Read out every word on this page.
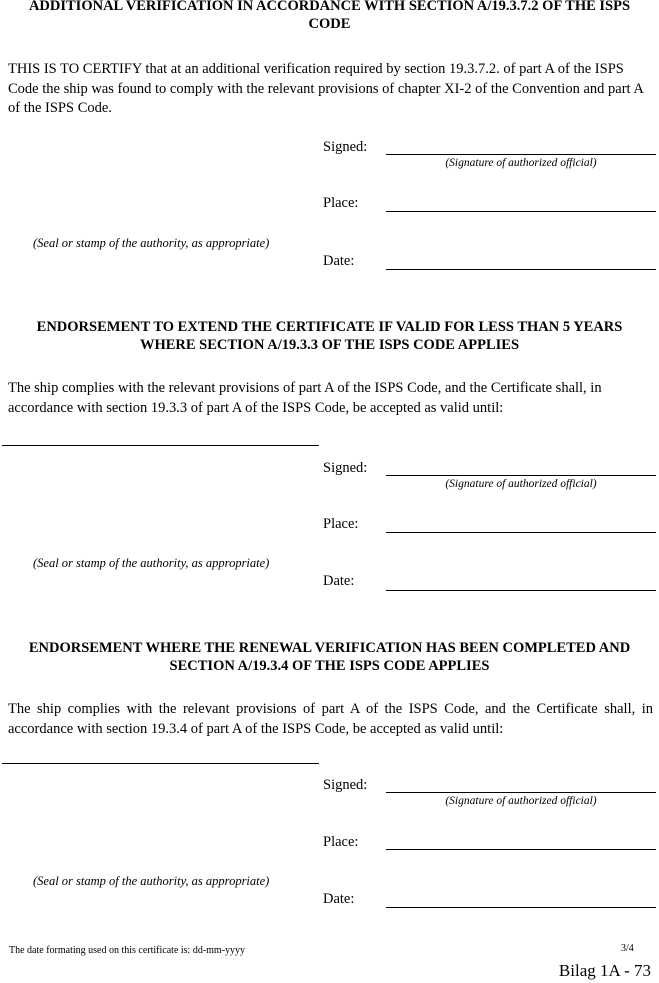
ADDITIONAL VERIFICATION IN ACCORDANCE WITH SECTION A/19.3.7.2 OF THE ISPS
CODE

THIS IS TO CERTIFY that at an additional verification required by section 19.3.7.2. of part A of the ISPS Code the ship was found to comply with the relevant provisions of chapter XI-2 of the Convention and part A of the ISPS Code.

Signed:
(Signature of authorized official)
Place:
(Seal or stamp of the authority, as appropriate)
Date:
ENDORSEMENT TO EXTEND THE CERTIFICATE IF VALID FOR LESS THAN 5 YEARS
WHERE SECTION A/19.3.3 OF THE ISPS CODE APPLIES

The ship complies with the relevant provisions of part A of the ISPS Code, and the Certificate shall, in accordance with section 19.3.3 of part A of the ISPS Code, be accepted as valid until:

Signed:
(Signature of authorized official)
Place:
(Seal or stamp of the authority, as appropriate)
Date:
ENDORSEMENT WHERE THE RENEWAL VERIFICATION HAS BEEN COMPLETED AND
SECTION A/19.3.4 OF THE ISPS CODE APPLIES

The ship complies with the relevant provisions of part A of the ISPS Code, and the Certificate shall, in accordance with section 19.3.4 of part A of the ISPS Code, be accepted as valid until:

Signed:
(Signature of authorized official)
Place:
(Seal or stamp of the authority, as appropriate)
Date:
The date formating used on this certificate is: dd-mm-yyyy	3/4
Bilag 1A - 73
